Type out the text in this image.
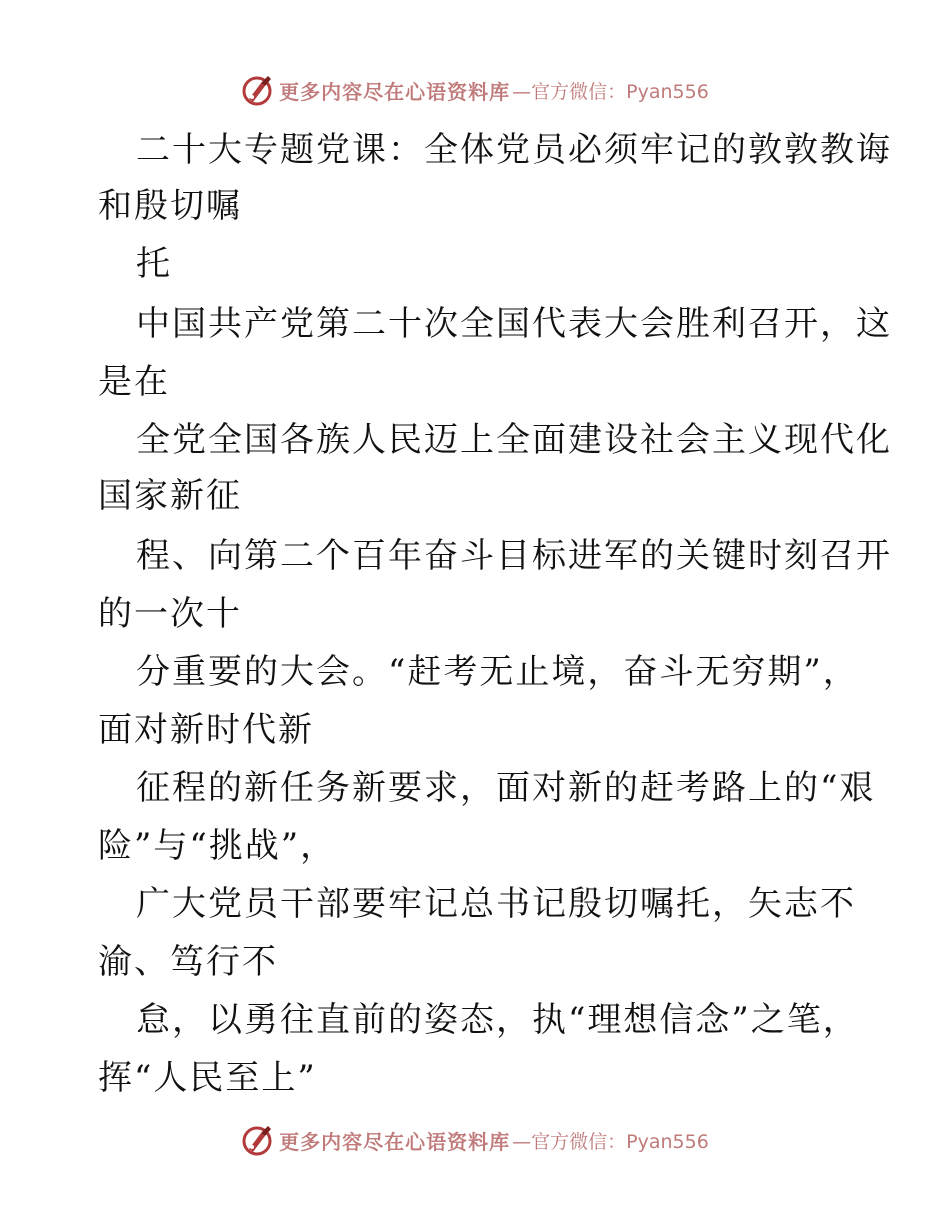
更多内容尽在心语资料库 —官方微信：Pyan556
二十大专题党课：全体党员必须牢记的敦敦教诲
和殷切嘱
托
中国共产党第二十次全国代表大会胜利召开，这
是在
全党全国各族人民迈上全面建设社会主义现代化
国家新征
程、向第二个百年奋斗目标进军的关键时刻召开
的一次十
分重要的大会。“赶考无止境，奋斗无穷期”，
面对新时代新
征程的新任务新要求，面对新的赶考路上的“艰
险”与“挑战”，
广大党员干部要牢记总书记殷切嘱托，矢志不
渝、笃行不
怠，以勇往直前的姿态，执“理想信念”之笔，
挥“人民至上”
更多内容尽在心语资料库 —官方微信：Pyan556
